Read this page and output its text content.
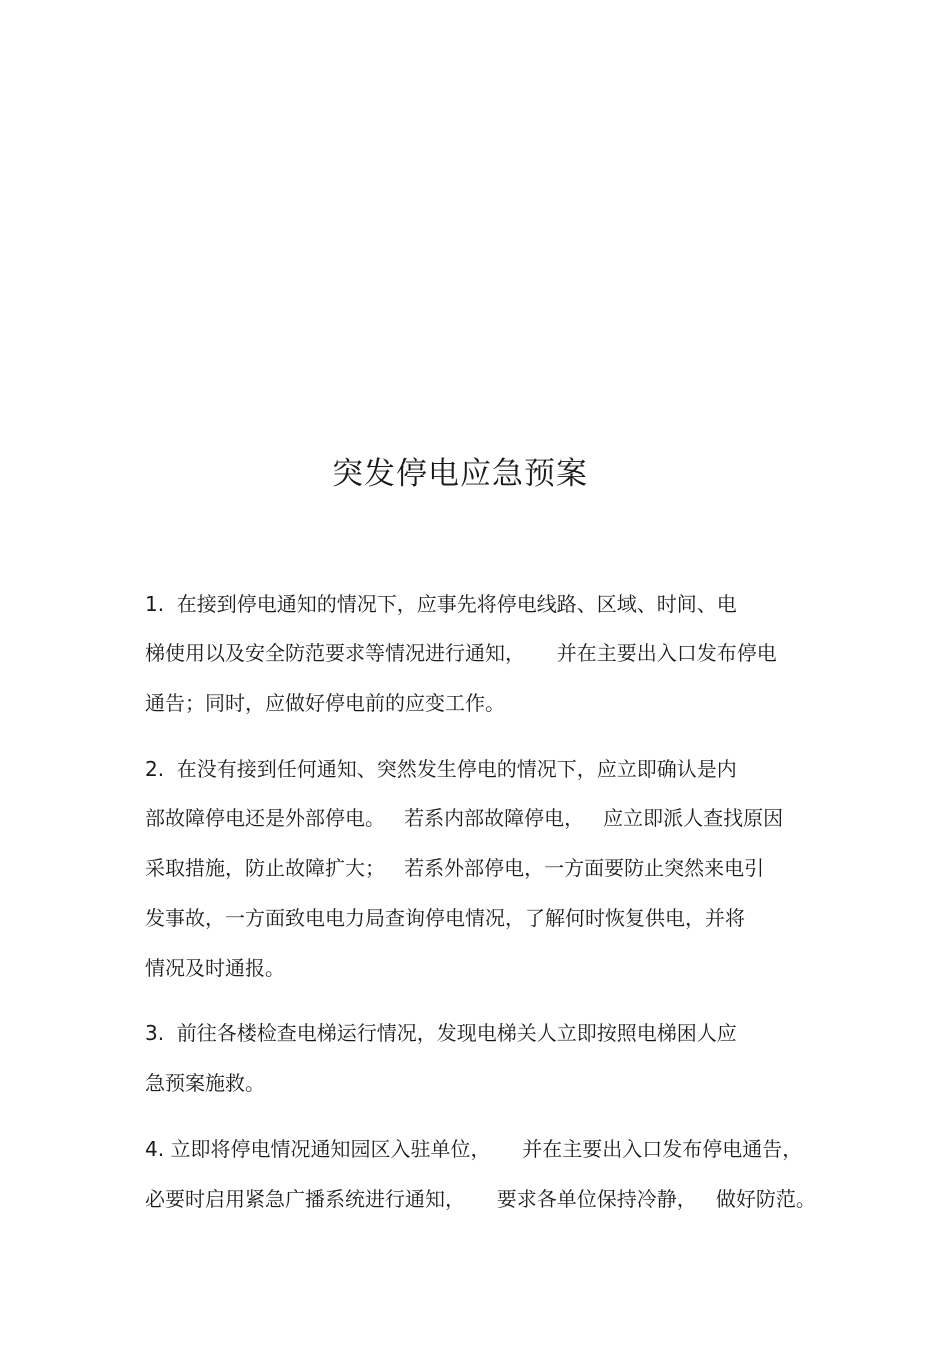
突发停电应急预案

1.  在接到停电通知的情况下，应事先将停电线路、区域、时间、电

梯使用以及安全防范要求等情况进行通知，     并在主要出入口发布停电

通告；同时，应做好停电前的应变工作。

2.  在没有接到任何通知、突然发生停电的情况下，应立即确认是内

部故障停电还是外部停电。   若系内部故障停电，   应立即派人查找原因

采取措施，防止故障扩大；   若系外部停电，一方面要防止突然来电引

发事故，一方面致电电力局查询停电情况，了解何时恢复供电，并将

情况及时通报。

3.  前往各楼检查电梯运行情况，发现电梯关人立即按照电梯困人应

急预案施救。

4. 立即将停电情况通知园区入驻单位，     并在主要出入口发布停电通告，

必要时启用紧急广播系统进行通知，     要求各单位保持冷静，   做好防范。
